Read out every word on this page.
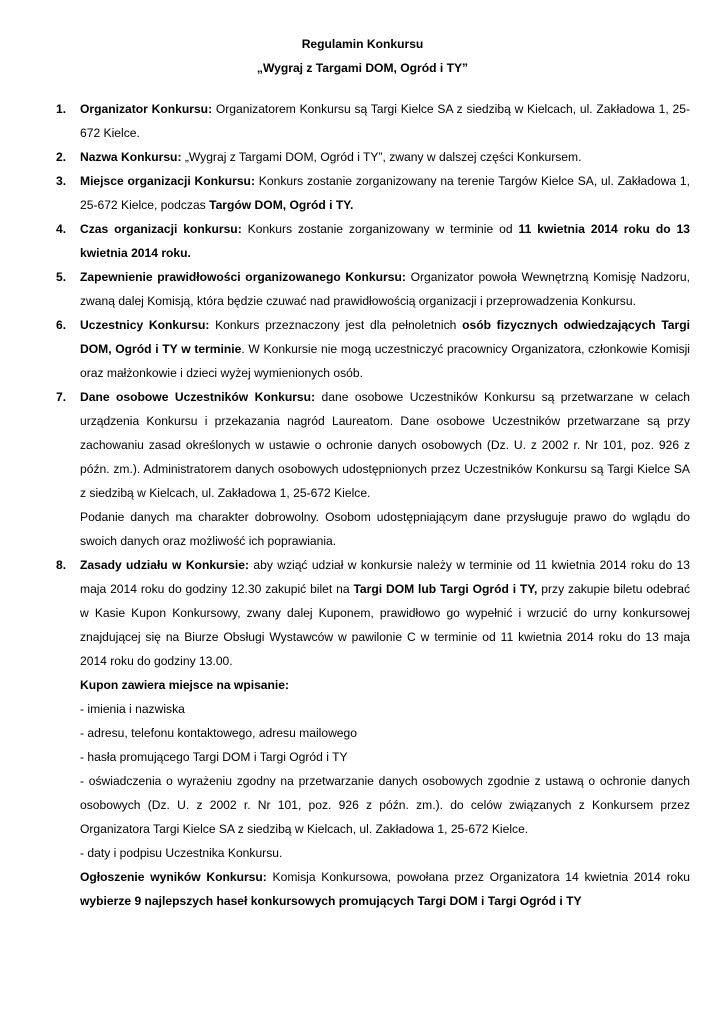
Regulamin Konkursu
„Wygraj z Targami DOM, Ogród i TY”
1. Organizator Konkursu: Organizatorem Konkursu są Targi Kielce SA z siedzibą w Kielcach, ul. Zakładowa 1, 25-672 Kielce.
2. Nazwa Konkursu: „Wygraj z Targami DOM, Ogród i TY”, zwany w dalszej części Konkursem.
3. Miejsce organizacji Konkursu: Konkurs zostanie zorganizowany na terenie Targów Kielce SA, ul. Zakładowa 1, 25-672 Kielce, podczas Targów DOM, Ogród i TY.
4. Czas organizacji konkursu: Konkurs zostanie zorganizowany w terminie od 11 kwietnia 2014 roku do 13 kwietnia 2014 roku.
5. Zapewnienie prawidłowości organizowanego Konkursu: Organizator powoła Wewnętrzną Komisję Nadzoru, zwaną dalej Komisją, która będzie czuwać nad prawidłowością organizacji i przeprowadzenia Konkursu.
6. Uczestnicy Konkursu: Konkurs przeznaczony jest dla pełnoletnich osób fizycznych odwiedzających Targi DOM, Ogród i TY w terminie. W Konkursie nie mogą uczestniczyć pracownicy Organizatora, członkowie Komisji oraz małżonkowie i dzieci wyżej wymienionych osób.
7. Dane osobowe Uczestników Konkursu: dane osobowe Uczestników Konkursu są przetwarzane w celach urządzenia Konkursu i przekazania nagród Laureatom. Dane osobowe Uczestników przetwarzane są przy zachowaniu zasad określonych w ustawie o ochronie danych osobowych (Dz. U. z 2002 r. Nr 101, poz. 926 z późn. zm.). Administratorem danych osobowych udostępnionych przez Uczestników Konkursu są Targi Kielce SA z siedzibą w Kielcach, ul. Zakładowa 1, 25-672 Kielce.
Podanie danych ma charakter dobrowolny. Osobom udostępniającym dane przysługuje prawo do wglądu do swoich danych oraz możliwość ich poprawiania.
8. Zasady udziału w Konkursie: aby wziąć udział w konkursie należy w terminie od 11 kwietnia 2014 roku do 13 maja 2014 roku do godziny 12.30 zakupić bilet na Targi DOM lub Targi Ogród i TY, przy zakupie biletu odebrać w Kasie Kupon Konkursowy, zwany dalej Kuponem, prawidłowo go wypełnić i wrzucić do urny konkursowej znajdującej się na Biurze Obsługi Wystawców w pawilonie C w terminie od 11 kwietnia 2014 roku do 13 maja 2014 roku do godziny 13.00.
Kupon zawiera miejsce na wpisanie:
- imienia i nazwiska
- adresu, telefonu kontaktowego, adresu mailowego
- hasła promującego Targi DOM i Targi Ogród i TY
- oświadczenia o wyrażeniu zgodny na przetwarzanie danych osobowych zgodnie z ustawą o ochronie danych osobowych (Dz. U. z 2002 r. Nr 101, poz. 926 z późn. zm.). do celów związanych z Konkursem przez Organizatora Targi Kielce SA z siedzibą w Kielcach, ul. Zakładowa 1, 25-672 Kielce.
- daty i podpisu Uczestnika Konkursu.
Ogłoszenie wyników Konkursu: Komisja Konkursowa, powołana przez Organizatora 14 kwietnia 2014 roku wybierze 9 najlepszych haseł konkursowych promujących Targi DOM i Targi Ogród i TY
